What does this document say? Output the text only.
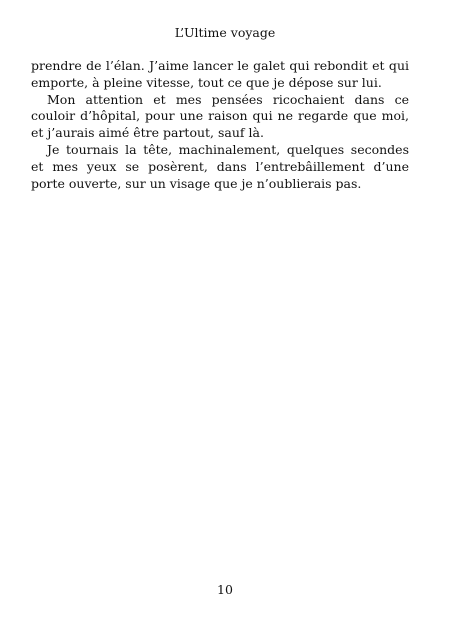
L’Ultime voyage

prendre de l’élan. J’aime lancer le galet qui rebondit et qui emporte, à pleine vitesse, tout ce que je dépose sur lui.

Mon attention et mes pensées ricochaient dans ce couloir d’hôpital, pour une raison qui ne regarde que moi, et j’aurais aimé être partout, sauf là.

Je tournais la tête, machinalement, quelques secondes et mes yeux se posèrent, dans l’entrebâillement d’une porte ouverte, sur un visage que je n’oublierais pas.

10
